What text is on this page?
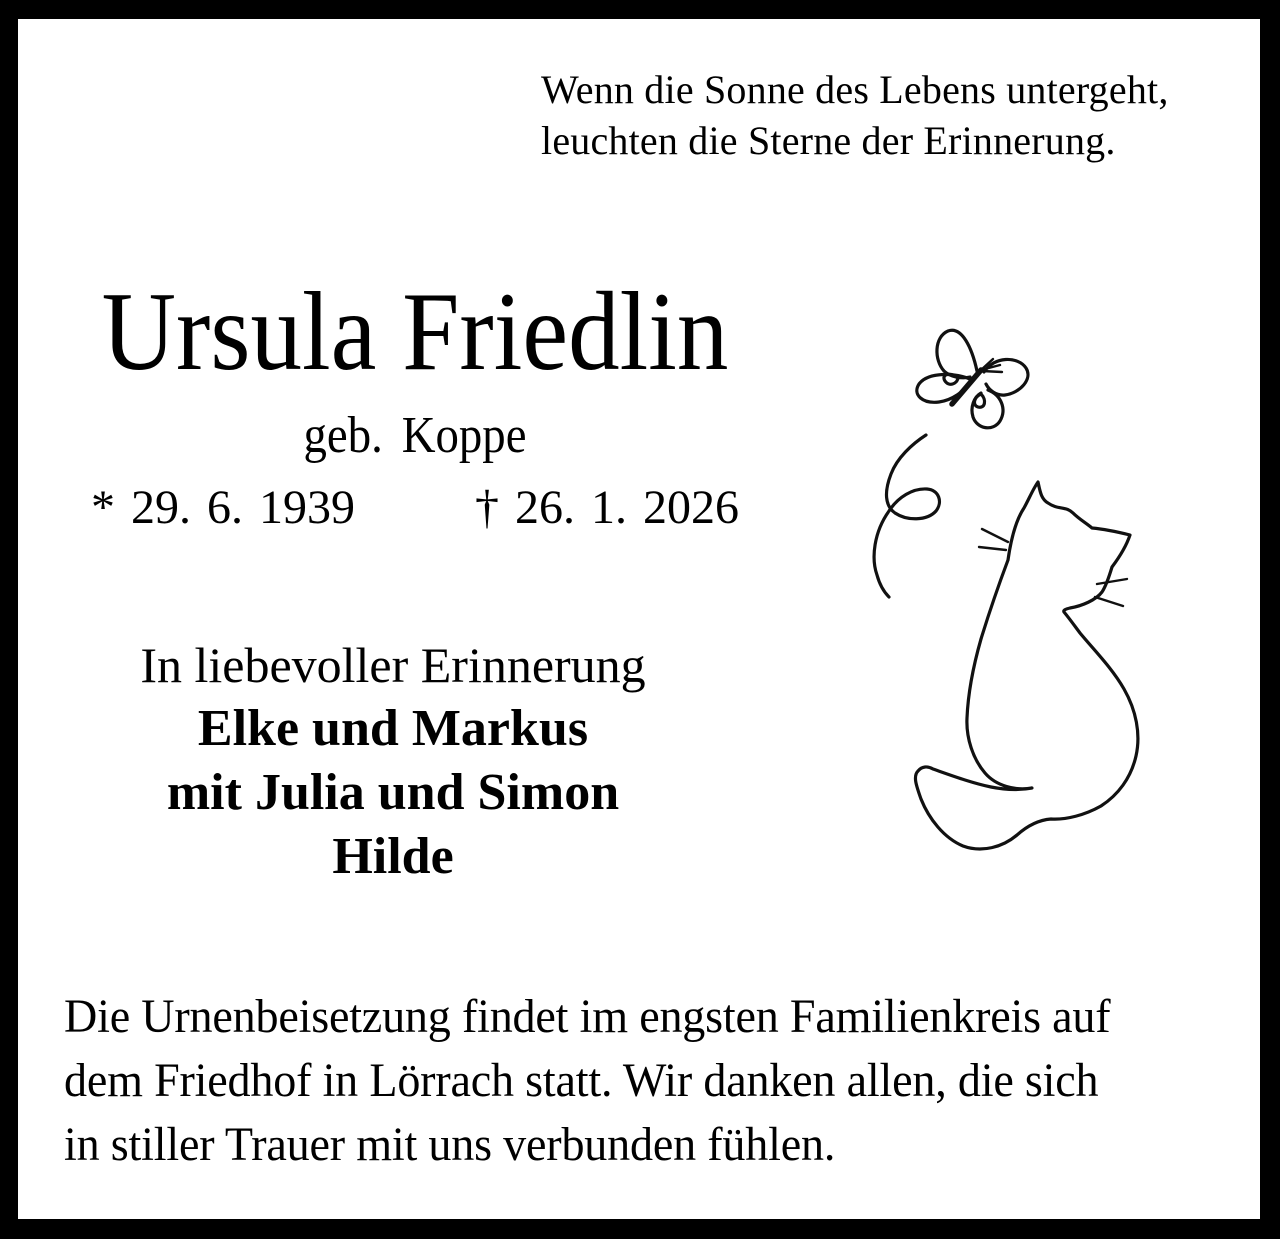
Wenn die Sonne des Lebens untergeht,
leuchten die Sterne der Erinnerung.
Ursula Friedlin
geb. Koppe
* 29. 6. 1939	† 26. 1. 2026
In liebevoller Erinnerung
Elke und Markus
mit Julia und Simon
Hilde
Die Urnenbeisetzung findet im engsten Familienkreis auf
dem Friedhof in Lörrach statt. Wir danken allen, die sich
in stiller Trauer mit uns verbunden fühlen.
